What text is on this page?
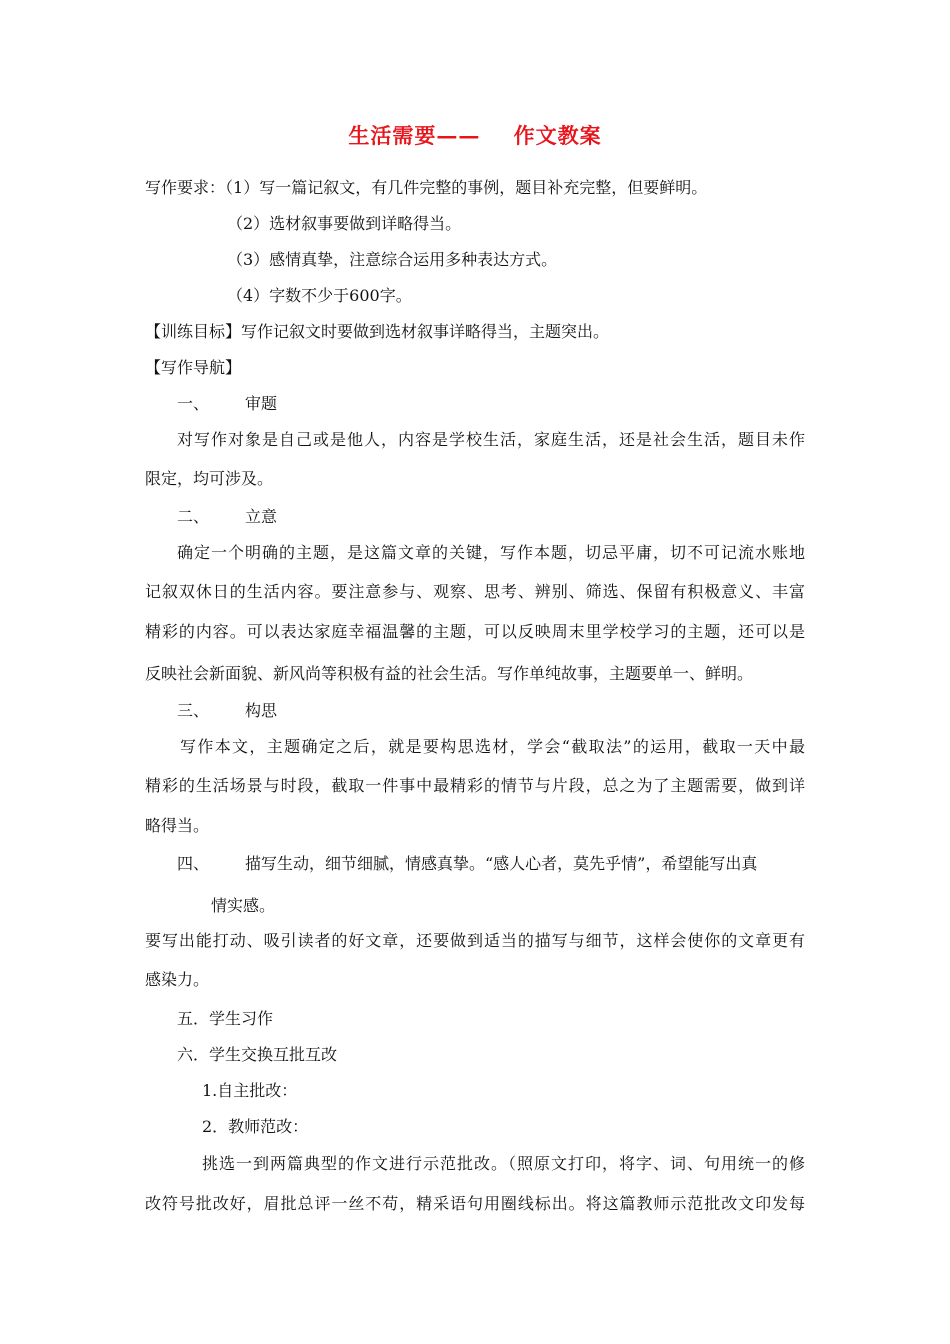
生活需要——    作文教案
写作要求：（1）写一篇记叙文，有几件完整的事例，题目补充完整，但要鲜明。
（2）选材叙事要做到详略得当。
（3）感情真挚，注意综合运用多种表达方式。
（4）字数不少于600字。
【训练目标】写作记叙文时要做到选材叙事详略得当，主题突出。
【写作导航】
一、 审题
对写作对象是自己或是他人，内容是学校生活，家庭生活，还是社会生活，题目未作
限定，均可涉及。
二、 立意
确定一个明确的主题，是这篇文章的关键，写作本题，切忌平庸，切不可记流水账地
记叙双休日的生活内容。要注意参与、观察、思考、辨别、筛选、保留有积极意义、丰富
精彩的内容。可以表达家庭幸福温馨的主题，可以反映周末里学校学习的主题，还可以是
反映社会新面貌、新风尚等积极有益的社会生活。写作单纯故事，主题要单一、鲜明。
三、 构思
写作本文，主题确定之后，就是要构思选材，学会“截取法”的运用，截取一天中最
精彩的生活场景与时段，截取一件事中最精彩的情节与片段，总之为了主题需要，做到详
略得当。
四、 描写生动，细节细腻，情感真挚。“感人心者，莫先乎情”，希望能写出真
情实感。
要写出能打动、吸引读者的好文章，还要做到适当的描写与细节，这样会使你的文章更有
感染力。
五．学生习作
六．学生交换互批互改
1.自主批改：
2．教师范改：
挑选一到两篇典型的作文进行示范批改。（照原文打印，将字、词、句用统一的修
改符号批改好，眉批总评一丝不苟，精采语句用圈线标出。将这篇教师示范批改文印发每
